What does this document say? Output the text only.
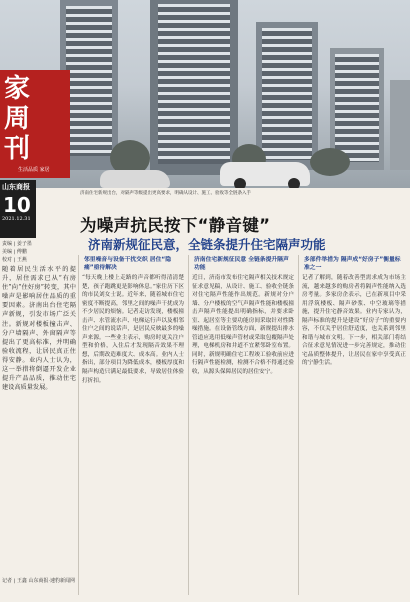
家周刊
生活品质 家居
山东商报
10
2021.12.31
责编 | 姜子墨
美编 | 傅鹏
校对 | 王燕
济南住宅新规出台，对隔声等级提出更高要求，明确从设计、施工、验收等全链条入手
为噪声抗民按下“静音键”
济南新规征民意，全链条提升住宅隔声功能
随着居民生活水平的提升，居住需求已从“有房住”向“住好房”转变，其中噪声是影响居住品质的重要因素。济南出台住宅隔声新规，引发市场广泛关注。新规对楼板撞击声、分户墙隔声、外窗隔声等提出了更高标准，并明确验收流程，让居民真正住得安静。业内人士认为，这一举措将倒逼开发企业提升产品品质，推动住宅建设高质量发展。
记者 | 王鑫 山东商报·速豹新闻网
邻里噪音与设备干扰交织 居住“隐痛”亟待解决
“每天晚上楼上走路的声音都听得清清楚楚，孩子跑跳更是影响休息。”家住历下区的市民刘女士说。近年来，随着城市住宅密度不断提高，邻里之间的噪声干扰成为不少居民的烦恼。记者走访发现，楼板撞击声、水管流水声、电梯运行声以及相邻住户之间的说话声，是居民反映最多的噪声来源。一些业主表示，购房时更关注户型和价格，入住后才发现隔音效果不理想，后期改造难度大、成本高。业内人士指出，部分项目为降低成本，楼板厚度和隔声构造只满足最低要求，导致居住体验打折扣。
济南住宅新规征民意 全链条提升隔声功能
近日，济南市发布住宅隔声相关技术规定征求意见稿，从设计、施工、验收全链条对住宅隔声性能作出规范。新规对分户墙、分户楼板的空气声隔声性能和楼板撞击声隔声性能提出明确指标，并要求卧室、起居室等主要功能房间采取针对性降噪措施。在设备管线方面，新规提出排水管道应选用低噪声管材或采取包覆隔声处理，电梯机房和井道不宜紧邻卧室布置。同时，新规明确住宅工程竣工验收前应进行隔声性能检测，检测不合格不得通过验收，从源头保障居民的居住安宁。
多部件举措为 隔声成“好房子”衡量标准之一
记者了解到，随着改善型需求成为市场主流，越来越多的购房者将隔声性能纳入选房考量。多家房企表示，已在新项目中采用浮筑楼板、隔声砂浆、中空玻璃等措施，提升住宅静音效果。业内专家认为，隔声标准的提升是建设“好房子”的重要内容，不仅关乎居住舒适度，也关系到邻里和谐与城市文明。下一步，相关部门将结合征求意见情况进一步完善规定，推动住宅品质整体提升，让居民在家中享受真正的宁静生活。
